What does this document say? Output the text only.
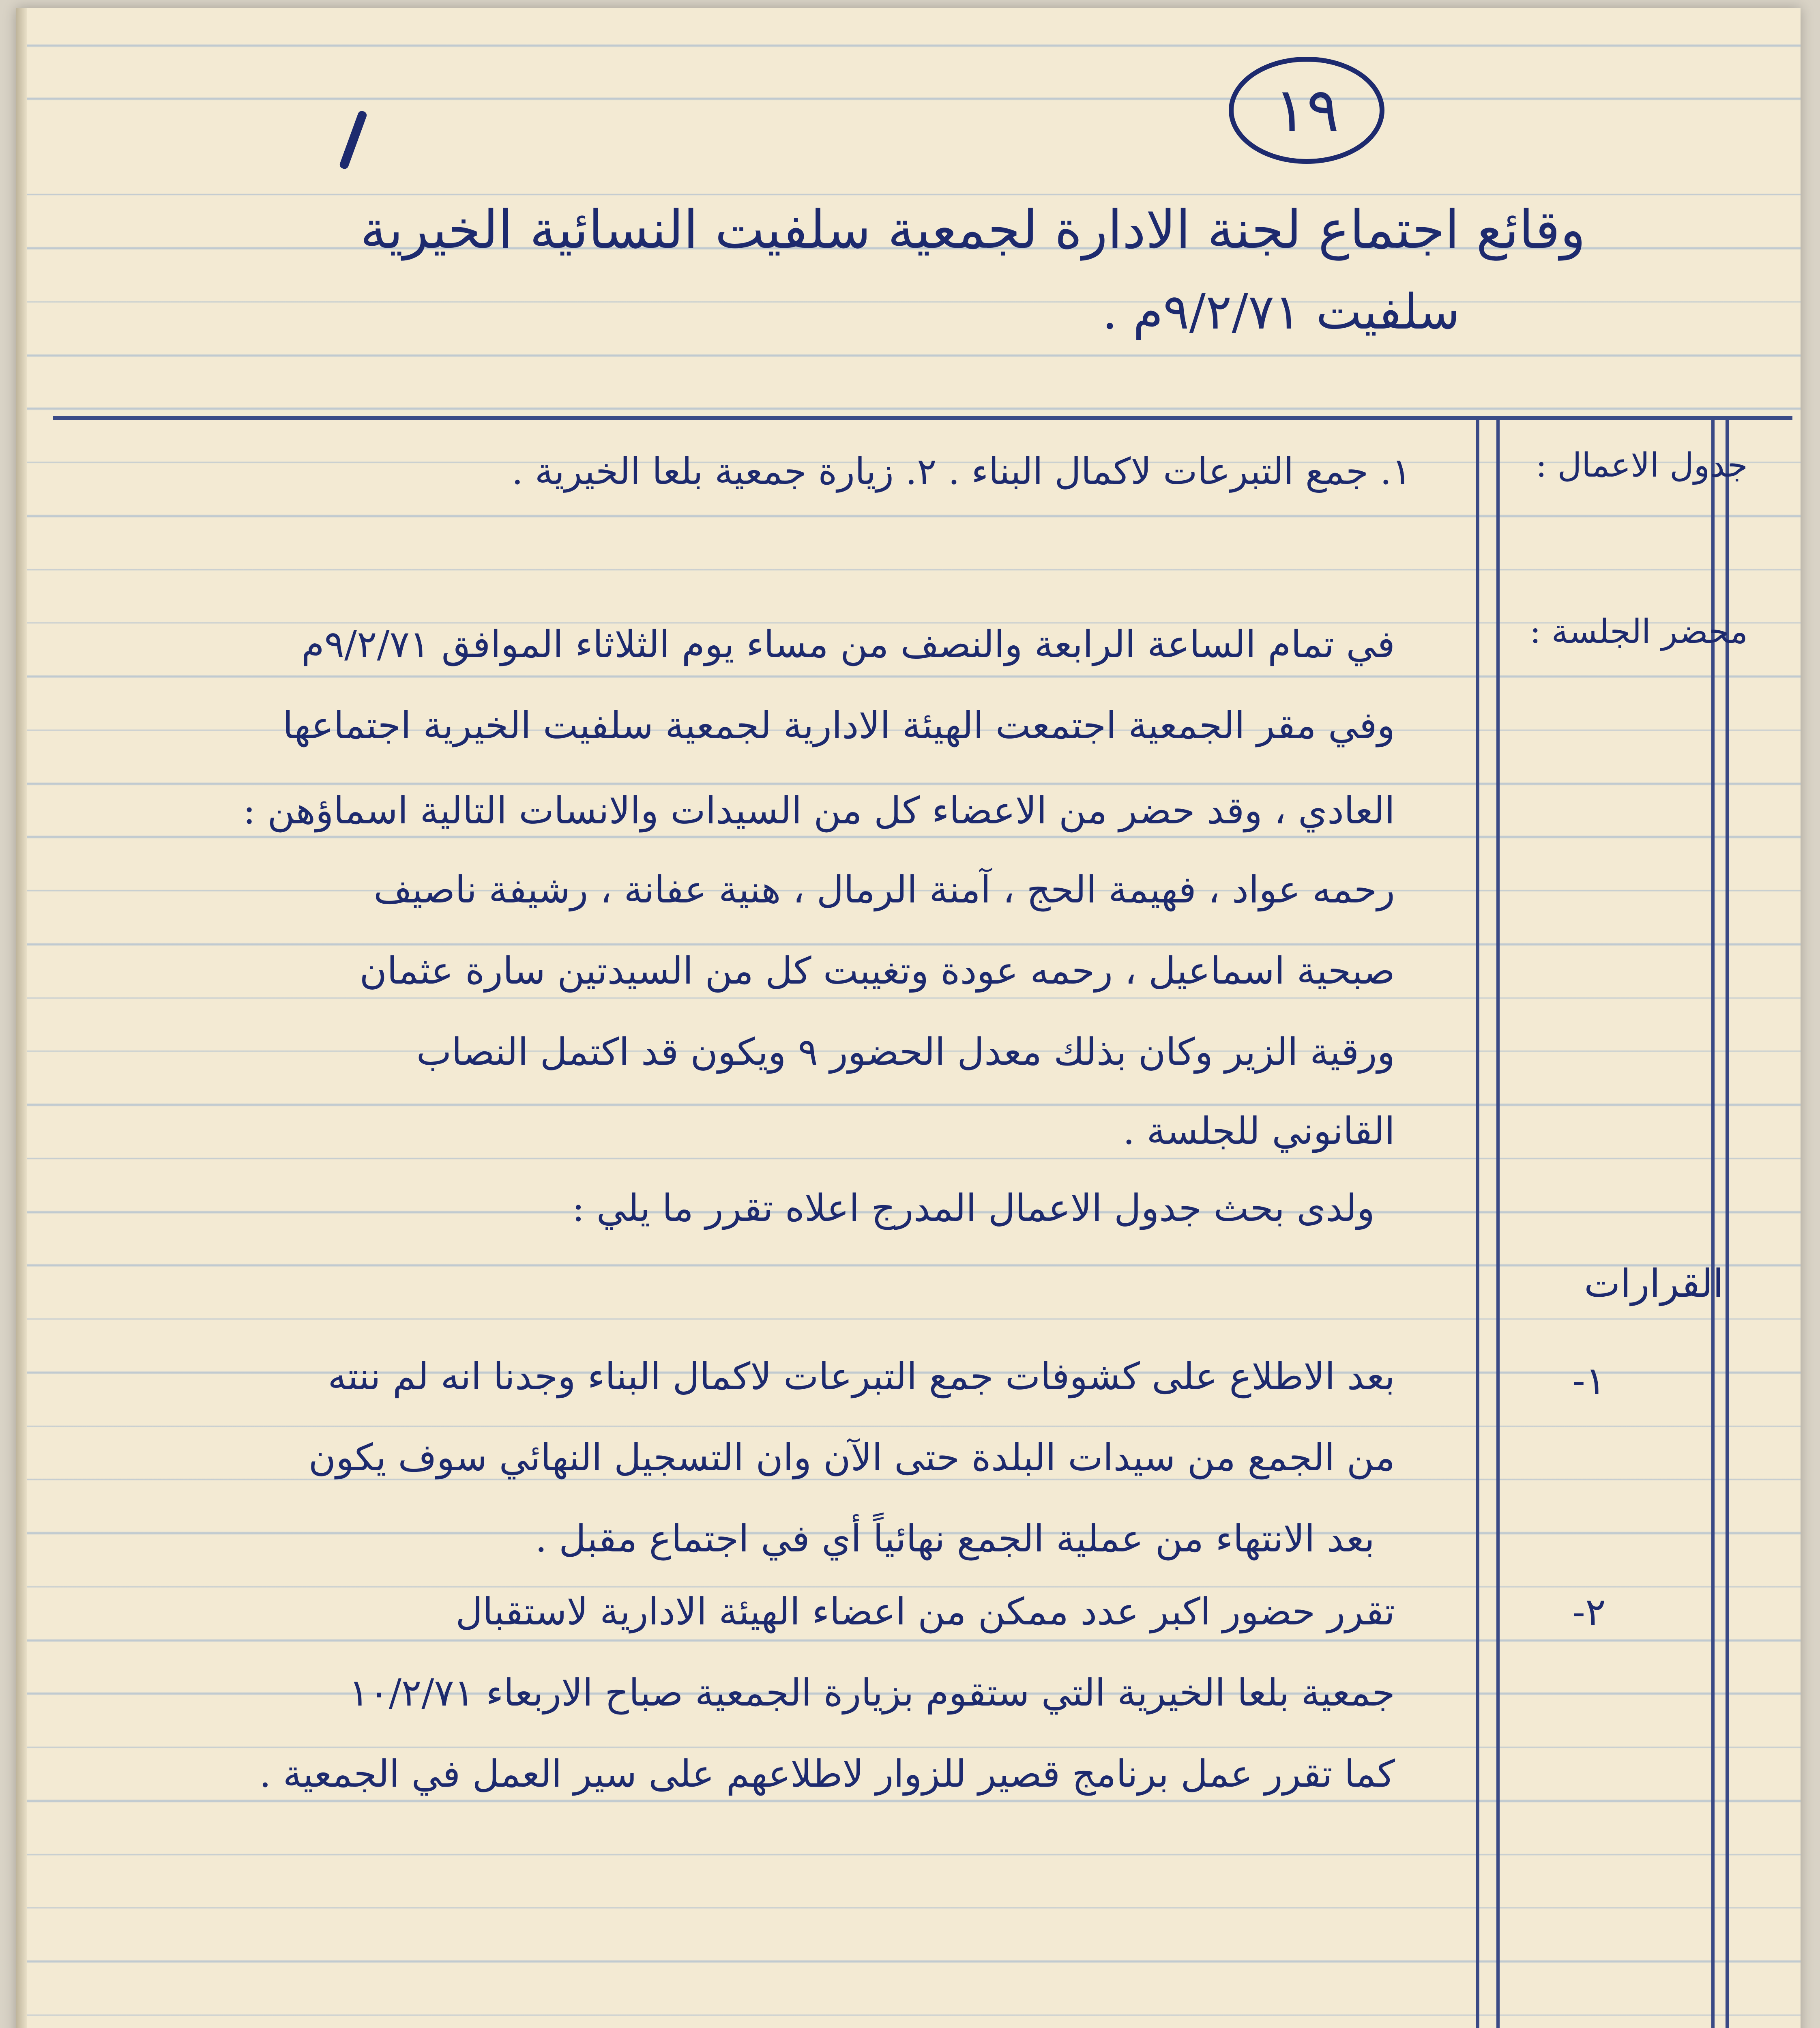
١٩
وقائع اجتماع لجنة الادارة لجمعية سلفيت النسائية الخيرية
سلفيت ٩/٢/٧١م .
جدول الاعمال :
محضر الجلسة :
القرارات
١. جمع التبرعات لاكمال البناء . ٢. زيارة جمعية بلعا الخيرية .
في تمام الساعة الرابعة والنصف من مساء يوم الثلاثاء الموافق ٩/٢/٧١م
وفي مقر الجمعية اجتمعت الهيئة الادارية لجمعية سلفيت الخيرية اجتماعها
العادي ، وقد حضر من الاعضاء كل من السيدات والانسات التالية اسماؤهن :
رحمه عواد ، فهيمة الحج ، آمنة الرمال ، هنية عفانة ، رشيفة ناصيف
صبحية اسماعيل ، رحمه عودة وتغيبت كل من السيدتين سارة عثمان
ورقية الزير وكان بذلك معدل الحضور ٩ ويكون قد اكتمل النصاب
القانوني للجلسة .
ولدى بحث جدول الاعمال المدرج اعلاه تقرر ما يلي :
١-
بعد الاطلاع على كشوفات جمع التبرعات لاكمال البناء وجدنا انه لم ننته
من الجمع من سيدات البلدة حتى الآن وان التسجيل النهائي سوف يكون
بعد الانتهاء من عملية الجمع نهائياً أي في اجتماع مقبل .
٢-
تقرر حضور اكبر عدد ممكن من اعضاء الهيئة الادارية لاستقبال
جمعية بلعا الخيرية التي ستقوم بزيارة الجمعية صباح الاربعاء ١٠/٢/٧١
كما تقرر عمل برنامج قصير للزوار لاطلاعهم على سير العمل في الجمعية .
